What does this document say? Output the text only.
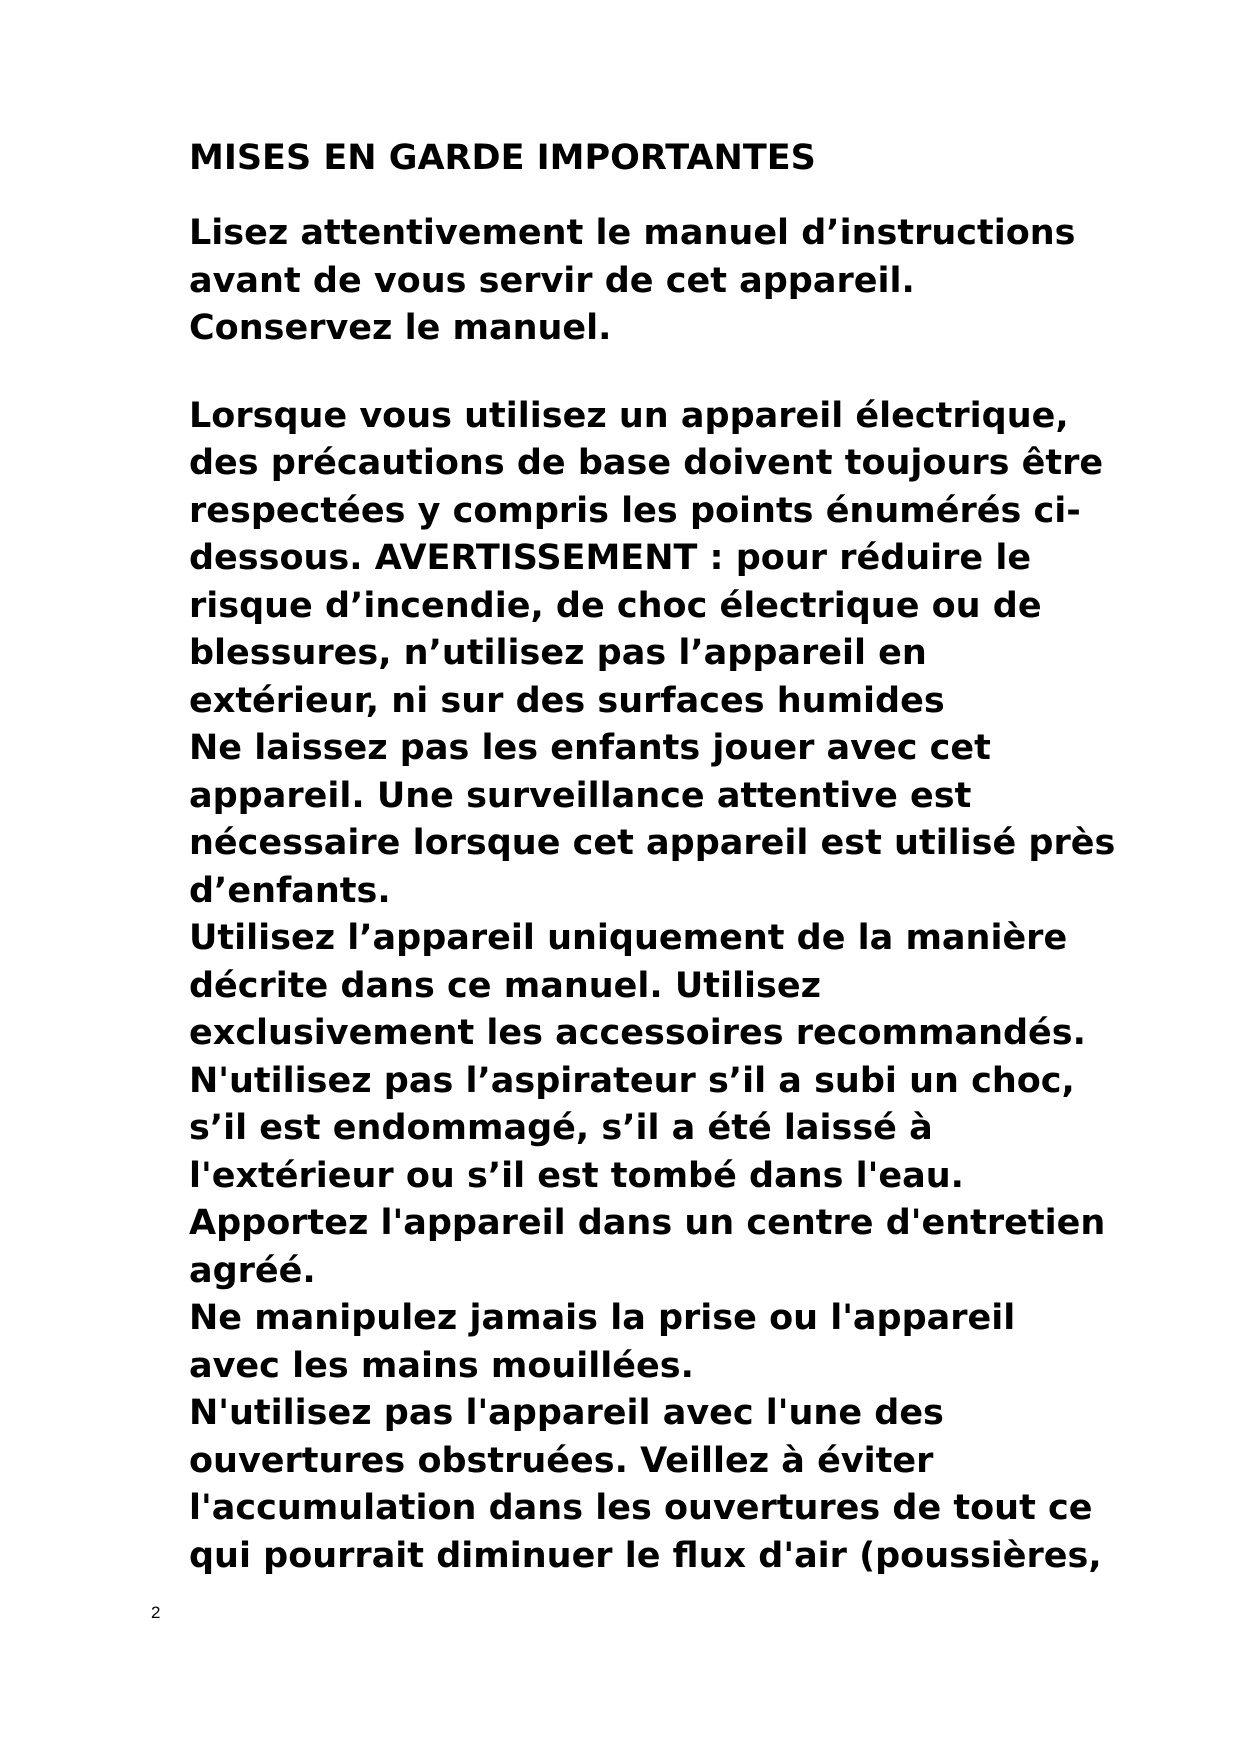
MISES EN GARDE IMPORTANTES
Lisez attentivement le manuel d’instructions
avant de vous servir de cet appareil.
Conservez le manuel.
Lorsque vous utilisez un appareil électrique,
des précautions de base doivent toujours être
respectées y compris les points énumérés ci-
dessous. AVERTISSEMENT : pour réduire le
risque d’incendie, de choc électrique ou de
blessures, n’utilisez pas l’appareil en
extérieur, ni sur des surfaces humides
Ne laissez pas les enfants jouer avec cet
appareil. Une surveillance attentive est
nécessaire lorsque cet appareil est utilisé près
d’enfants.
Utilisez l’appareil uniquement de la manière
décrite dans ce manuel. Utilisez
exclusivement les accessoires recommandés.
N'utilisez pas l’aspirateur s’il a subi un choc,
s’il est endommagé, s’il a été laissé à
l'extérieur ou s’il est tombé dans l'eau.
Apportez l'appareil dans un centre d'entretien
agréé.
Ne manipulez jamais la prise ou l'appareil
avec les mains mouillées.
N'utilisez pas l'appareil avec l'une des
ouvertures obstruées. Veillez à éviter
l'accumulation dans les ouvertures de tout ce
qui pourrait diminuer le flux d'air (poussières,
2
